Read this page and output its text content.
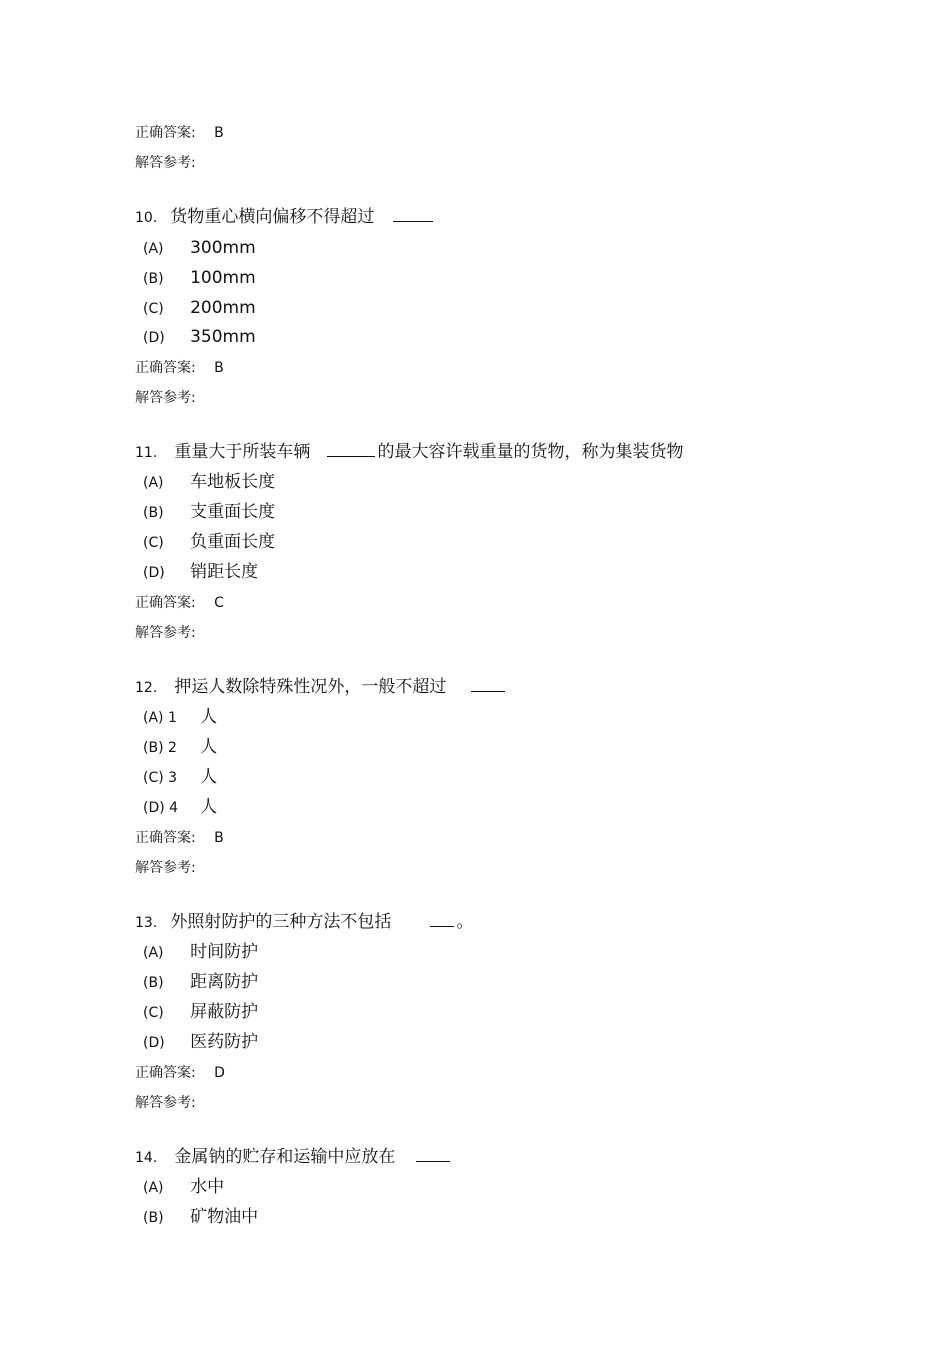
正确答案: B
解答参考:
10. 货物重心横向偏移不得超过
(A) 300mm
(B) 100mm
(C) 200mm
(D) 350mm
正确答案: B
解答参考:
11. 重量大于所装车辆	的最大容许载重量的货物，称为集装货物
(A) 车地板长度
(B) 支重面长度
(C) 负重面长度
(D) 销距长度
正确答案: C
解答参考:
12. 押运人数除特殊性况外，一般不超过
(A) 1 人
(B) 2 人
(C) 3 人
(D) 4 人
正确答案: B
解答参考:
13. 外照射防护的三种方法不包括	。
(A) 时间防护
(B) 距离防护
(C) 屏蔽防护
(D) 医药防护
正确答案: D
解答参考:
14. 金属钠的贮存和运输中应放在
(A) 水中
(B) 矿物油中
